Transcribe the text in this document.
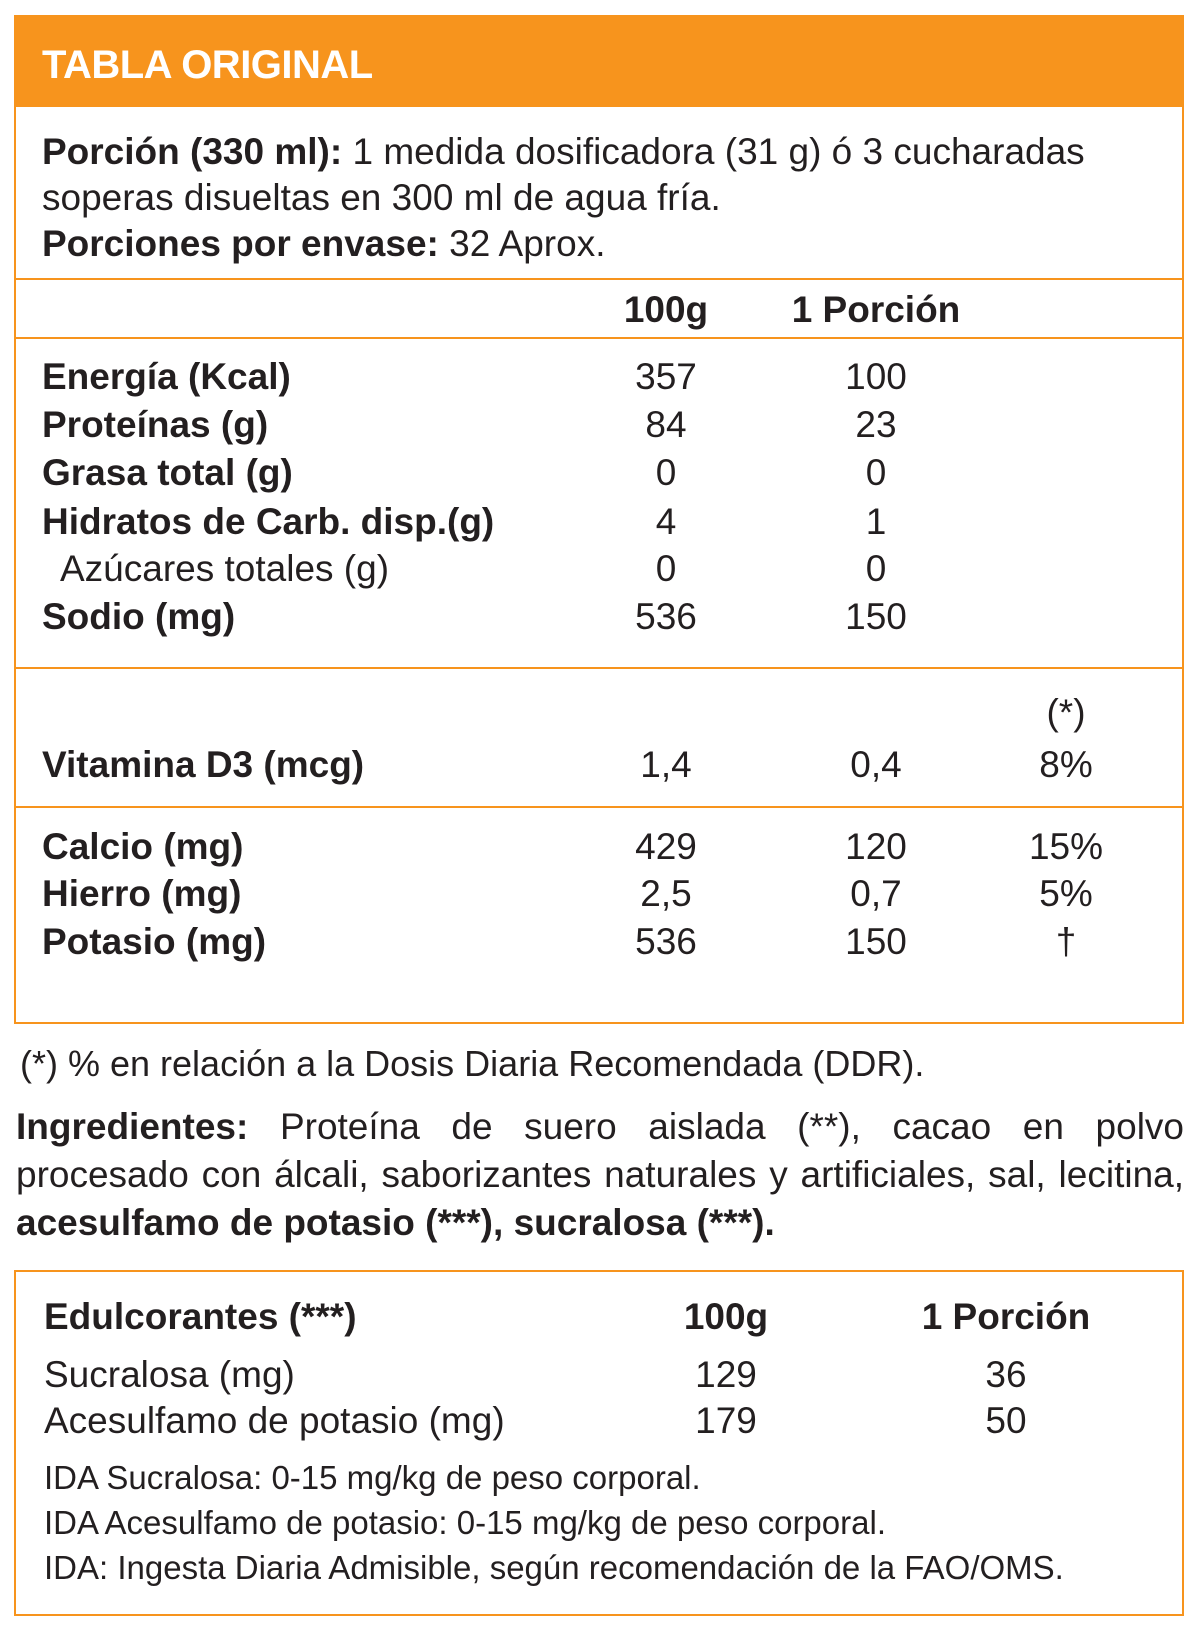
TABLA ORIGINAL
Porción (330 ml): 1 medida dosificadora (31 g) ó 3 cucharadas soperas disueltas en 300 ml de agua fría.
Porciones por envase: 32 Aprox.
100g	1 Porción
Energía (Kcal)	357	100
Proteínas (g)	84	23
Grasa total (g)	0	0
Hidratos de Carb. disp.(g)	4	1
Azúcares totales (g)	0	0
Sodio (mg)	536	150
(*)
Vitamina D3 (mcg)	1,4	0,4	8%
Calcio (mg)	429	120	15%
Hierro (mg)	2,5	0,7	5%
Potasio (mg)	536	150	†
(*) % en relación a la Dosis Diaria Recomendada (DDR).
Ingredientes: Proteína de suero aislada (**), cacao en polvo procesado con álcali, saborizantes naturales y artificiales, sal, lecitina, acesulfamo de potasio (***), sucralosa (***).
Edulcorantes (***)	100g	1 Porción
Sucralosa (mg)	129	36
Acesulfamo de potasio (mg)	179	50
IDA Sucralosa: 0-15 mg/kg de peso corporal.
IDA Acesulfamo de potasio: 0-15 mg/kg de peso corporal.
IDA: Ingesta Diaria Admisible, según recomendación de la FAO/OMS.
